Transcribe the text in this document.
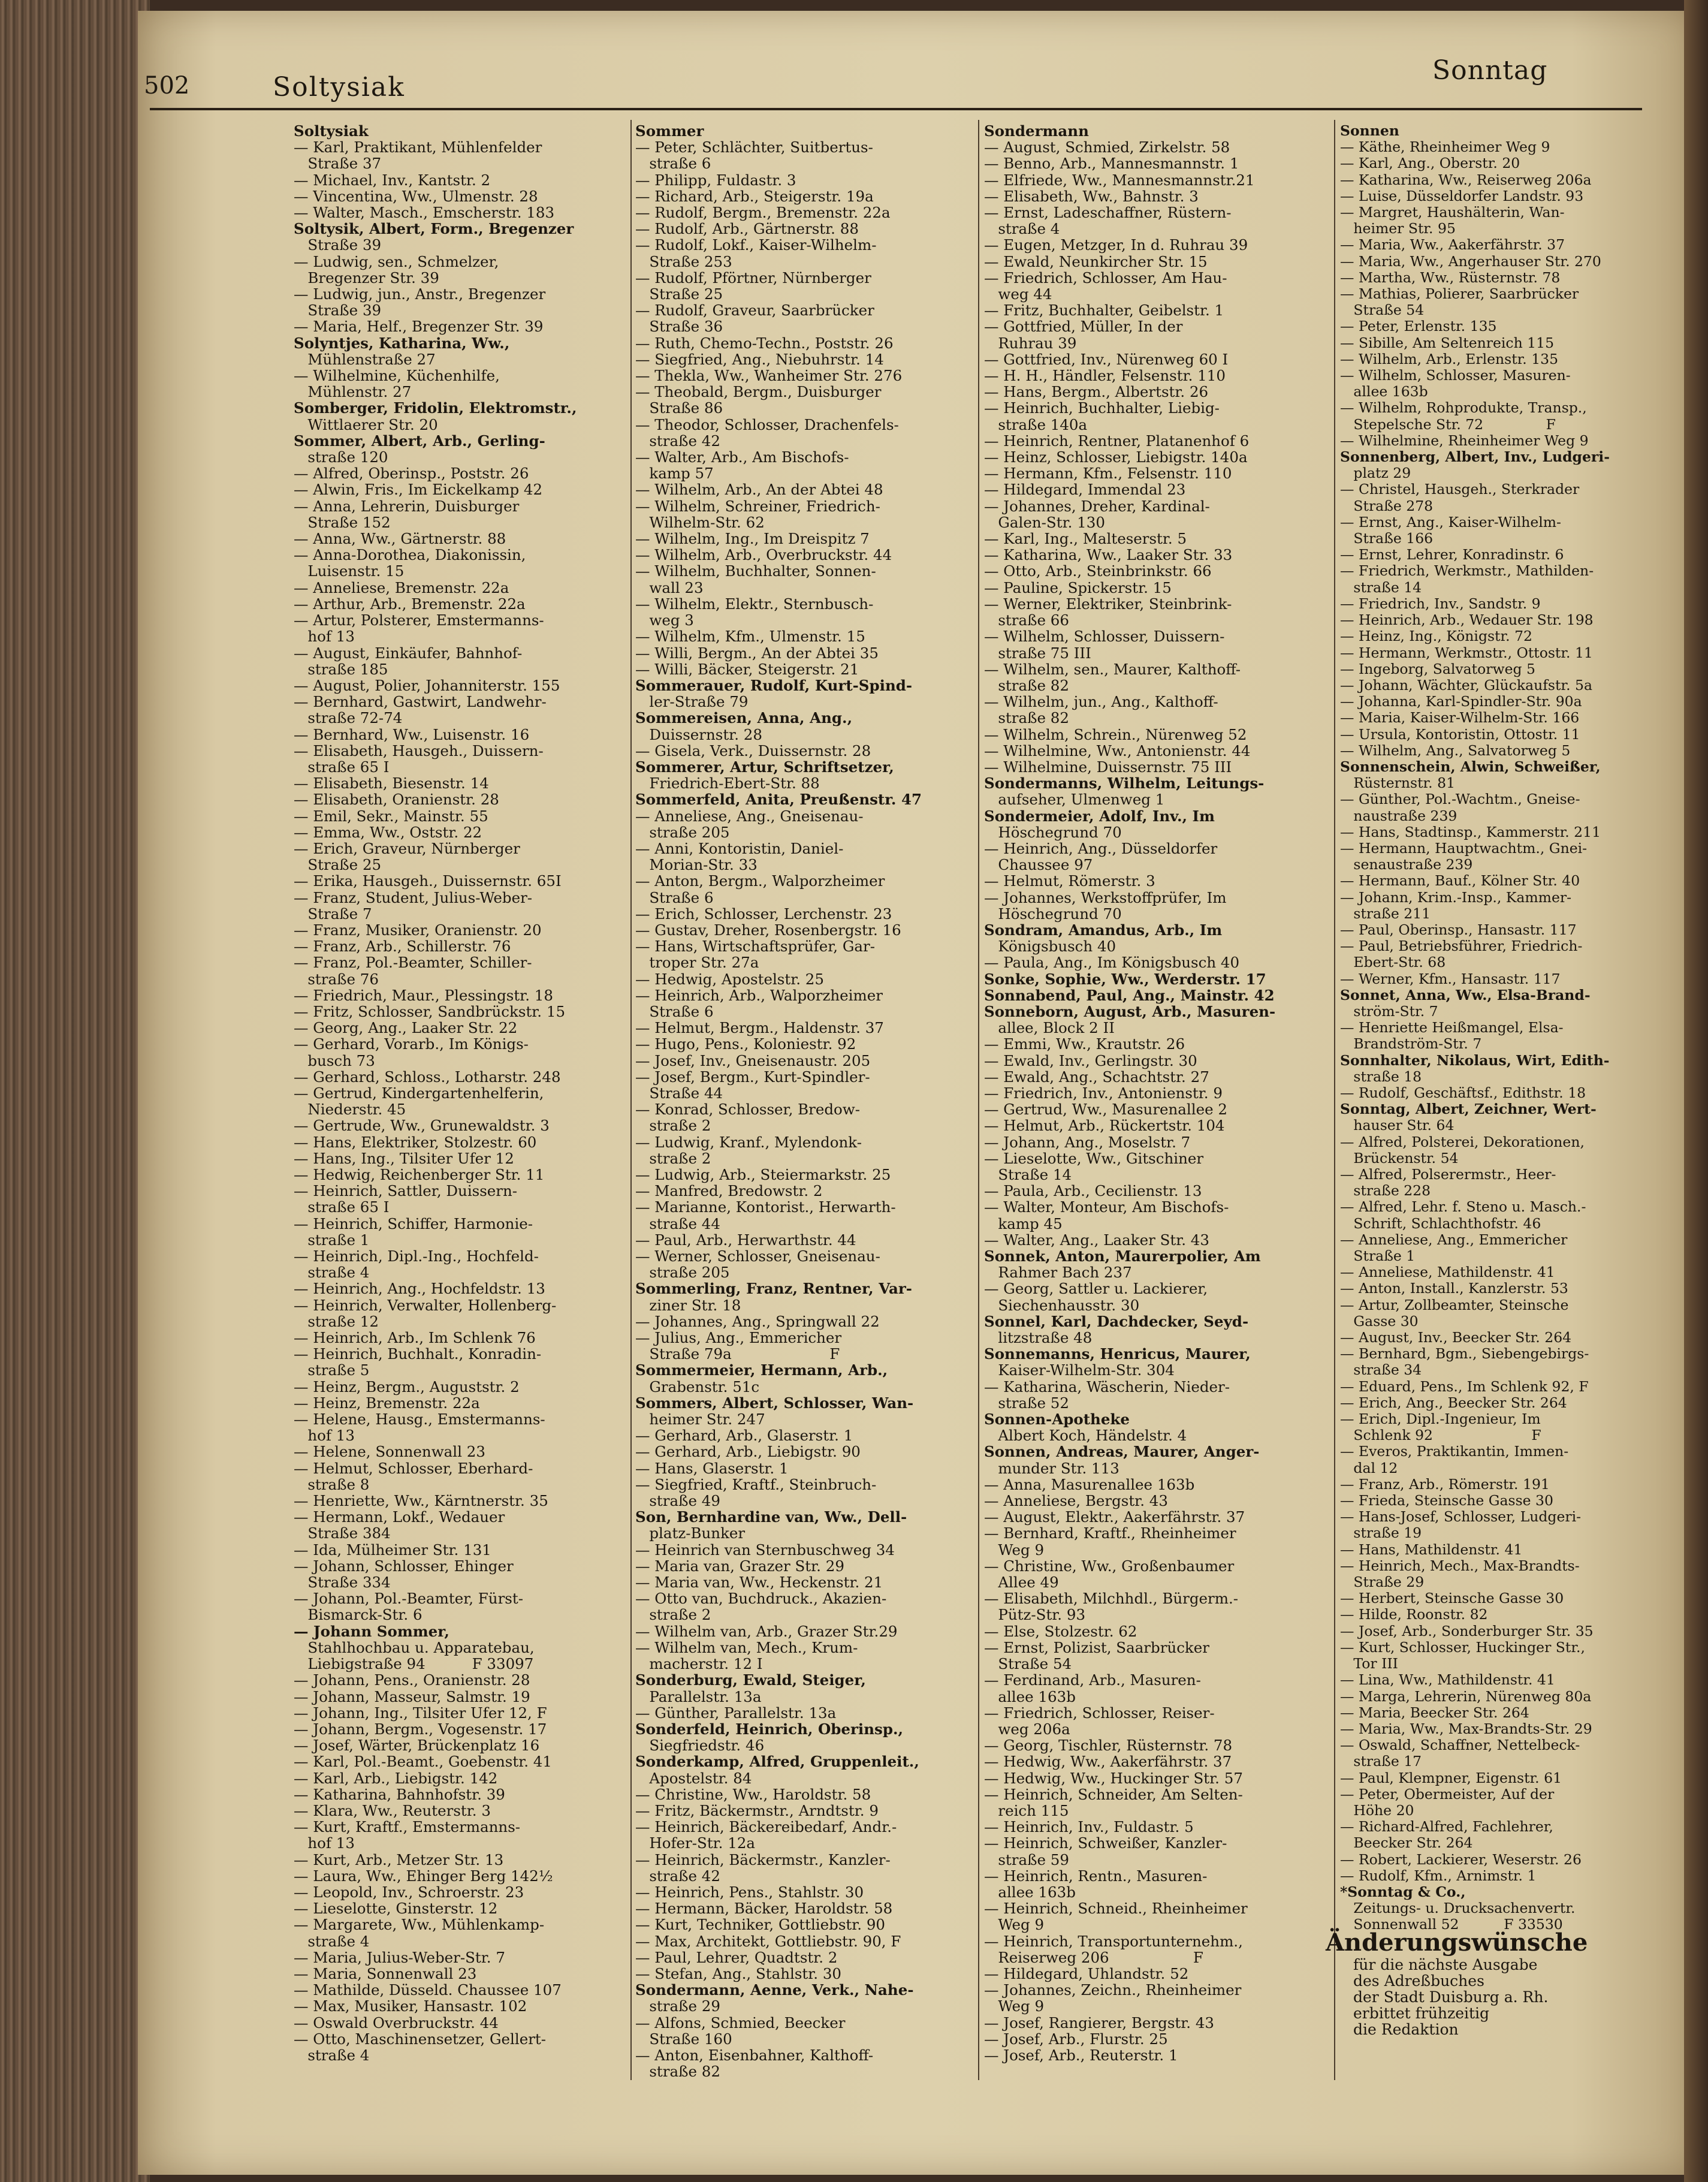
502	Soltysiak
Sonntag
Soltysiak
— Karl, Praktikant, Mühlenfelder
Straße 37
— Michael, Inv., Kantstr. 2
— Vincentina, Ww., Ulmenstr. 28
— Walter, Masch., Emscherstr. 183
Soltysik, Albert, Form., Bregenzer
Straße 39
— Ludwig, sen., Schmelzer,
Bregenzer Str. 39
— Ludwig, jun., Anstr., Bregenzer
Straße 39
— Maria, Helf., Bregenzer Str. 39
Solyntjes, Katharina, Ww.,
Mühlenstraße 27
— Wilhelmine, Küchenhilfe,
Mühlenstr. 27
Somberger, Fridolin, Elektromstr.,
Wittlaerer Str. 20
Sommer, Albert, Arb., Gerling-
straße 120
— Alfred, Oberinsp., Poststr. 26
— Alwin, Fris., Im Eickelkamp 42
— Anna, Lehrerin, Duisburger
Straße 152
— Anna, Ww., Gärtnerstr. 88
— Anna-Dorothea, Diakonissin,
Luisenstr. 15
— Anneliese, Bremenstr. 22a
— Arthur, Arb., Bremenstr. 22a
— Artur, Polsterer, Emstermanns-
hof 13
— August, Einkäufer, Bahnhof-
straße 185
— August, Polier, Johanniterstr. 155
— Bernhard, Gastwirt, Landwehr-
straße 72-74
— Bernhard, Ww., Luisenstr. 16
— Elisabeth, Hausgeh., Duissern-
straße 65 I
— Elisabeth, Biesenstr. 14
— Elisabeth, Oranienstr. 28
— Emil, Sekr., Mainstr. 55
— Emma, Ww., Oststr. 22
— Erich, Graveur, Nürnberger
Straße 25
— Erika, Hausgeh., Duissernstr. 65I
— Franz, Student, Julius-Weber-
Straße 7
— Franz, Musiker, Oranienstr. 20
— Franz, Arb., Schillerstr. 76
— Franz, Pol.-Beamter, Schiller-
straße 76
— Friedrich, Maur., Plessingstr. 18
— Fritz, Schlosser, Sandbrückstr. 15
— Georg, Ang., Laaker Str. 22
— Gerhard, Vorarb., Im Königs-
busch 73
— Gerhard, Schloss., Lotharstr. 248
— Gertrud, Kindergartenhelferin,
Niederstr. 45
— Gertrude, Ww., Grunewaldstr. 3
— Hans, Elektriker, Stolzestr. 60
— Hans, Ing., Tilsiter Ufer 12
— Hedwig, Reichenberger Str. 11
— Heinrich, Sattler, Duissern-
straße 65 I
— Heinrich, Schiffer, Harmonie-
straße 1
— Heinrich, Dipl.-Ing., Hochfeld-
straße 4
— Heinrich, Ang., Hochfeldstr. 13
— Heinrich, Verwalter, Hollenberg-
straße 12
— Heinrich, Arb., Im Schlenk 76
— Heinrich, Buchhalt., Konradin-
straße 5
— Heinz, Bergm., Auguststr. 2
— Heinz, Bremenstr. 22a
— Helene, Hausg., Emstermanns-
hof 13
— Helene, Sonnenwall 23
— Helmut, Schlosser, Eberhard-
straße 8
— Henriette, Ww., Kärntnerstr. 35
— Hermann, Lokf., Wedauer
Straße 384
— Ida, Mülheimer Str. 131
— Johann, Schlosser, Ehinger
Straße 334
— Johann, Pol.-Beamter, Fürst-
Bismarck-Str. 6
— Johann Sommer,
Stahlhochbau u. Apparatebau,
Liebigstraße 94          F 33097
— Johann, Pens., Oranienstr. 28
— Johann, Masseur, Salmstr. 19
— Johann, Ing., Tilsiter Ufer 12, F
— Johann, Bergm., Vogesenstr. 17
— Josef, Wärter, Brückenplatz 16
— Karl, Pol.-Beamt., Goebenstr. 41
— Karl, Arb., Liebigstr. 142
— Katharina, Bahnhofstr. 39
— Klara, Ww., Reuterstr. 3
— Kurt, Kraftf., Emstermanns-
hof 13
— Kurt, Arb., Metzer Str. 13
— Laura, Ww., Ehinger Berg 142½
— Leopold, Inv., Schroerstr. 23
— Lieselotte, Ginsterstr. 12
— Margarete, Ww., Mühlenkamp-
straße 4
— Maria, Julius-Weber-Str. 7
— Maria, Sonnenwall 23
— Mathilde, Düsseld. Chaussee 107
— Max, Musiker, Hansastr. 102
— Oswald Overbruckstr. 44
— Otto, Maschinensetzer, Gellert-
straße 4
Sommer
— Peter, Schlächter, Suitbertus-
straße 6
— Philipp, Fuldastr. 3
— Richard, Arb., Steigerstr. 19a
— Rudolf, Bergm., Bremenstr. 22a
— Rudolf, Arb., Gärtnerstr. 88
— Rudolf, Lokf., Kaiser-Wilhelm-
Straße 253
— Rudolf, Pförtner, Nürnberger
Straße 25
— Rudolf, Graveur, Saarbrücker
Straße 36
— Ruth, Chemo-Techn., Poststr. 26
— Siegfried, Ang., Niebuhrstr. 14
— Thekla, Ww., Wanheimer Str. 276
— Theobald, Bergm., Duisburger
Straße 86
— Theodor, Schlosser, Drachenfels-
straße 42
— Walter, Arb., Am Bischofs-
kamp 57
— Wilhelm, Arb., An der Abtei 48
— Wilhelm, Schreiner, Friedrich-
Wilhelm-Str. 62
— Wilhelm, Ing., Im Dreispitz 7
— Wilhelm, Arb., Overbruckstr. 44
— Wilhelm, Buchhalter, Sonnen-
wall 23
— Wilhelm, Elektr., Sternbusch-
weg 3
— Wilhelm, Kfm., Ulmenstr. 15
— Willi, Bergm., An der Abtei 35
— Willi, Bäcker, Steigerstr. 21
Sommerauer, Rudolf, Kurt-Spind-
ler-Straße 79
Sommereisen, Anna, Ang.,
Duissernstr. 28
— Gisela, Verk., Duissernstr. 28
Sommerer, Artur, Schriftsetzer,
Friedrich-Ebert-Str. 88
Sommerfeld, Anita, Preußenstr. 47
— Anneliese, Ang., Gneisenau-
straße 205
— Anni, Kontoristin, Daniel-
Morian-Str. 33
— Anton, Bergm., Walporzheimer
Straße 6
— Erich, Schlosser, Lerchenstr. 23
— Gustav, Dreher, Rosenbergstr. 16
— Hans, Wirtschaftsprüfer, Gar-
troper Str. 27a
— Hedwig, Apostelstr. 25
— Heinrich, Arb., Walporzheimer
Straße 6
— Helmut, Bergm., Haldenstr. 37
— Hugo, Pens., Koloniestr. 92
— Josef, Inv., Gneisenaustr. 205
— Josef, Bergm., Kurt-Spindler-
Straße 44
— Konrad, Schlosser, Bredow-
straße 2
— Ludwig, Kranf., Mylendonk-
straße 2
— Ludwig, Arb., Steiermarkstr. 25
— Manfred, Bredowstr. 2
— Marianne, Kontorist., Herwarth-
straße 44
— Paul, Arb., Herwarthstr. 44
— Werner, Schlosser, Gneisenau-
straße 205
Sommerling, Franz, Rentner, Var-
ziner Str. 18
— Johannes, Ang., Springwall 22
— Julius, Ang., Emmericher
Straße 79a                     F
Sommermeier, Hermann, Arb.,
Grabenstr. 51c
Sommers, Albert, Schlosser, Wan-
heimer Str. 247
— Gerhard, Arb., Glaserstr. 1
— Gerhard, Arb., Liebigstr. 90
— Hans, Glaserstr. 1
— Siegfried, Kraftf., Steinbruch-
straße 49
Son, Bernhardine van, Ww., Dell-
platz-Bunker
— Heinrich van Sternbuschweg 34
— Maria van, Grazer Str. 29
— Maria van, Ww., Heckenstr. 21
— Otto van, Buchdruck., Akazien-
straße 2
— Wilhelm van, Arb., Grazer Str.29
— Wilhelm van, Mech., Krum-
macherstr. 12 I
Sonderburg, Ewald, Steiger,
Parallelstr. 13a
— Günther, Parallelstr. 13a
Sonderfeld, Heinrich, Oberinsp.,
Siegfriedstr. 46
Sonderkamp, Alfred, Gruppenleit.,
Apostelstr. 84
— Christine, Ww., Haroldstr. 58
— Fritz, Bäckermstr., Arndtstr. 9
— Heinrich, Bäckereibedarf, Andr.-
Hofer-Str. 12a
— Heinrich, Bäckermstr., Kanzler-
straße 42
— Heinrich, Pens., Stahlstr. 30
— Hermann, Bäcker, Haroldstr. 58
— Kurt, Techniker, Gottliebstr. 90
— Max, Architekt, Gottliebstr. 90, F
— Paul, Lehrer, Quadtstr. 2
— Stefan, Ang., Stahlstr. 30
Sondermann, Aenne, Verk., Nahe-
straße 29
— Alfons, Schmied, Beecker
Straße 160
— Anton, Eisenbahner, Kalthoff-
straße 82
Sondermann
— August, Schmied, Zirkelstr. 58
— Benno, Arb., Mannesmannstr. 1
— Elfriede, Ww., Mannesmannstr.21
— Elisabeth, Ww., Bahnstr. 3
— Ernst, Ladeschaffner, Rüstern-
straße 4
— Eugen, Metzger, In d. Ruhrau 39
— Ewald, Neunkircher Str. 15
— Friedrich, Schlosser, Am Hau-
weg 44
— Fritz, Buchhalter, Geibelstr. 1
— Gottfried, Müller, In der
Ruhrau 39
— Gottfried, Inv., Nürenweg 60 I
— H. H., Händler, Felsenstr. 110
— Hans, Bergm., Albertstr. 26
— Heinrich, Buchhalter, Liebig-
straße 140a
— Heinrich, Rentner, Platanenhof 6
— Heinz, Schlosser, Liebigstr. 140a
— Hermann, Kfm., Felsenstr. 110
— Hildegard, Immendal 23
— Johannes, Dreher, Kardinal-
Galen-Str. 130
— Karl, Ing., Malteserstr. 5
— Katharina, Ww., Laaker Str. 33
— Otto, Arb., Steinbrinkstr. 66
— Pauline, Spickerstr. 15
— Werner, Elektriker, Steinbrink-
straße 66
— Wilhelm, Schlosser, Duissern-
straße 75 III
— Wilhelm, sen., Maurer, Kalthoff-
straße 82
— Wilhelm, jun., Ang., Kalthoff-
straße 82
— Wilhelm, Schrein., Nürenweg 52
— Wilhelmine, Ww., Antonienstr. 44
— Wilhelmine, Duissernstr. 75 III
Sondermanns, Wilhelm, Leitungs-
aufseher, Ulmenweg 1
Sondermeier, Adolf, Inv., Im
Höschegrund 70
— Heinrich, Ang., Düsseldorfer
Chaussee 97
— Helmut, Römerstr. 3
— Johannes, Werkstoffprüfer, Im
Höschegrund 70
Sondram, Amandus, Arb., Im
Königsbusch 40
— Paula, Ang., Im Königsbusch 40
Sonke, Sophie, Ww., Werderstr. 17
Sonnabend, Paul, Ang., Mainstr. 42
Sonneborn, August, Arb., Masuren-
allee, Block 2 II
— Emmi, Ww., Krautstr. 26
— Ewald, Inv., Gerlingstr. 30
— Ewald, Ang., Schachtstr. 27
— Friedrich, Inv., Antonienstr. 9
— Gertrud, Ww., Masurenallee 2
— Helmut, Arb., Rückertstr. 104
— Johann, Ang., Moselstr. 7
— Lieselotte, Ww., Gitschiner
Straße 14
— Paula, Arb., Cecilienstr. 13
— Walter, Monteur, Am Bischofs-
kamp 45
— Walter, Ang., Laaker Str. 43
Sonnek, Anton, Maurerpolier, Am
Rahmer Bach 237
— Georg, Sattler u. Lackierer,
Siechenhausstr. 30
Sonnel, Karl, Dachdecker, Seyd-
litzstraße 48
Sonnemanns, Henricus, Maurer,
Kaiser-Wilhelm-Str. 304
— Katharina, Wäscherin, Nieder-
straße 52
Sonnen-Apotheke
Albert Koch, Händelstr. 4
Sonnen, Andreas, Maurer, Anger-
munder Str. 113
— Anna, Masurenallee 163b
— Anneliese, Bergstr. 43
— August, Elektr., Aakerfährstr. 37
— Bernhard, Kraftf., Rheinheimer
Weg 9
— Christine, Ww., Großenbaumer
Allee 49
— Elisabeth, Milchhdl., Bürgerm.-
Pütz-Str. 93
— Else, Stolzestr. 62
— Ernst, Polizist, Saarbrücker
Straße 54
— Ferdinand, Arb., Masuren-
allee 163b
— Friedrich, Schlosser, Reiser-
weg 206a
— Georg, Tischler, Rüsternstr. 78
— Hedwig, Ww., Aakerfährstr. 37
— Hedwig, Ww., Huckinger Str. 57
— Heinrich, Schneider, Am Selten-
reich 115
— Heinrich, Inv., Fuldastr. 5
— Heinrich, Schweißer, Kanzler-
straße 59
— Heinrich, Rentn., Masuren-
allee 163b
— Heinrich, Schneid., Rheinheimer
Weg 9
— Heinrich, Transportunternehm.,
Reiserweg 206                  F
— Hildegard, Uhlandstr. 52
— Johannes, Zeichn., Rheinheimer
Weg 9
— Josef, Rangierer, Bergstr. 43
— Josef, Arb., Flurstr. 25
— Josef, Arb., Reuterstr. 1
Sonnen
— Käthe, Rheinheimer Weg 9
— Karl, Ang., Oberstr. 20
— Katharina, Ww., Reiserweg 206a
— Luise, Düsseldorfer Landstr. 93
— Margret, Haushälterin, Wan-
heimer Str. 95
— Maria, Ww., Aakerfährstr. 37
— Maria, Ww., Angerhauser Str. 270
— Martha, Ww., Rüsternstr. 78
— Mathias, Polierer, Saarbrücker
Straße 54
— Peter, Erlenstr. 135
— Sibille, Am Seltenreich 115
— Wilhelm, Arb., Erlenstr. 135
— Wilhelm, Schlosser, Masuren-
allee 163b
— Wilhelm, Rohprodukte, Transp.,
Stepelsche Str. 72              F
— Wilhelmine, Rheinheimer Weg 9
Sonnenberg, Albert, Inv., Ludgeri-
platz 29
— Christel, Hausgeh., Sterkrader
Straße 278
— Ernst, Ang., Kaiser-Wilhelm-
Straße 166
— Ernst, Lehrer, Konradinstr. 6
— Friedrich, Werkmstr., Mathilden-
straße 14
— Friedrich, Inv., Sandstr. 9
— Heinrich, Arb., Wedauer Str. 198
— Heinz, Ing., Königstr. 72
— Hermann, Werkmstr., Ottostr. 11
— Ingeborg, Salvatorweg 5
— Johann, Wächter, Glückaufstr. 5a
— Johanna, Karl-Spindler-Str. 90a
— Maria, Kaiser-Wilhelm-Str. 166
— Ursula, Kontoristin, Ottostr. 11
— Wilhelm, Ang., Salvatorweg 5
Sonnenschein, Alwin, Schweißer,
Rüsternstr. 81
— Günther, Pol.-Wachtm., Gneise-
naustraße 239
— Hans, Stadtinsp., Kammerstr. 211
— Hermann, Hauptwachtm., Gnei-
senaustraße 239
— Hermann, Bauf., Kölner Str. 40
— Johann, Krim.-Insp., Kammer-
straße 211
— Paul, Oberinsp., Hansastr. 117
— Paul, Betriebsführer, Friedrich-
Ebert-Str. 68
— Werner, Kfm., Hansastr. 117
Sonnet, Anna, Ww., Elsa-Brand-
ström-Str. 7
— Henriette Heißmangel, Elsa-
Brandström-Str. 7
Sonnhalter, Nikolaus, Wirt, Edith-
straße 18
— Rudolf, Geschäftsf., Edithstr. 18
Sonntag, Albert, Zeichner, Wert-
hauser Str. 64
— Alfred, Polsterei, Dekorationen,
Brückenstr. 54
— Alfred, Polserermstr., Heer-
straße 228
— Alfred, Lehr. f. Steno u. Masch.-
Schrift, Schlachthofstr. 46
— Anneliese, Ang., Emmericher
Straße 1
— Anneliese, Mathildenstr. 41
— Anton, Install., Kanzlerstr. 53
— Artur, Zollbeamter, Steinsche
Gasse 30
— August, Inv., Beecker Str. 264
— Bernhard, Bgm., Siebengebirgs-
straße 34
— Eduard, Pens., Im Schlenk 92, F
— Erich, Ang., Beecker Str. 264
— Erich, Dipl.-Ingenieur, Im
Schlenk 92                      F
— Everos, Praktikantin, Immen-
dal 12
— Franz, Arb., Römerstr. 191
— Frieda, Steinsche Gasse 30
— Hans-Josef, Schlosser, Ludgeri-
straße 19
— Hans, Mathildenstr. 41
— Heinrich, Mech., Max-Brandts-
Straße 29
— Herbert, Steinsche Gasse 30
— Hilde, Roonstr. 82
— Josef, Arb., Sonderburger Str. 35
— Kurt, Schlosser, Huckinger Str.,
Tor III
— Lina, Ww., Mathildenstr. 41
— Marga, Lehrerin, Nürenweg 80a
— Maria, Beecker Str. 264
— Maria, Ww., Max-Brandts-Str. 29
— Oswald, Schaffner, Nettelbeck-
straße 17
— Paul, Klempner, Eigenstr. 61
— Peter, Obermeister, Auf der
Höhe 20
— Richard-Alfred, Fachlehrer,
Beecker Str. 264
— Robert, Lackierer, Weserstr. 26
— Rudolf, Kfm., Arnimstr. 1
*Sonntag & Co.,
Zeitungs- u. Drucksachenvertr.
Sonnenwall 52          F 33530
Änderungswünsche
für die nächste Ausgabe
des Adreßbuches
der Stadt Duisburg a. Rh.
erbittet frühzeitig
die Redaktion
